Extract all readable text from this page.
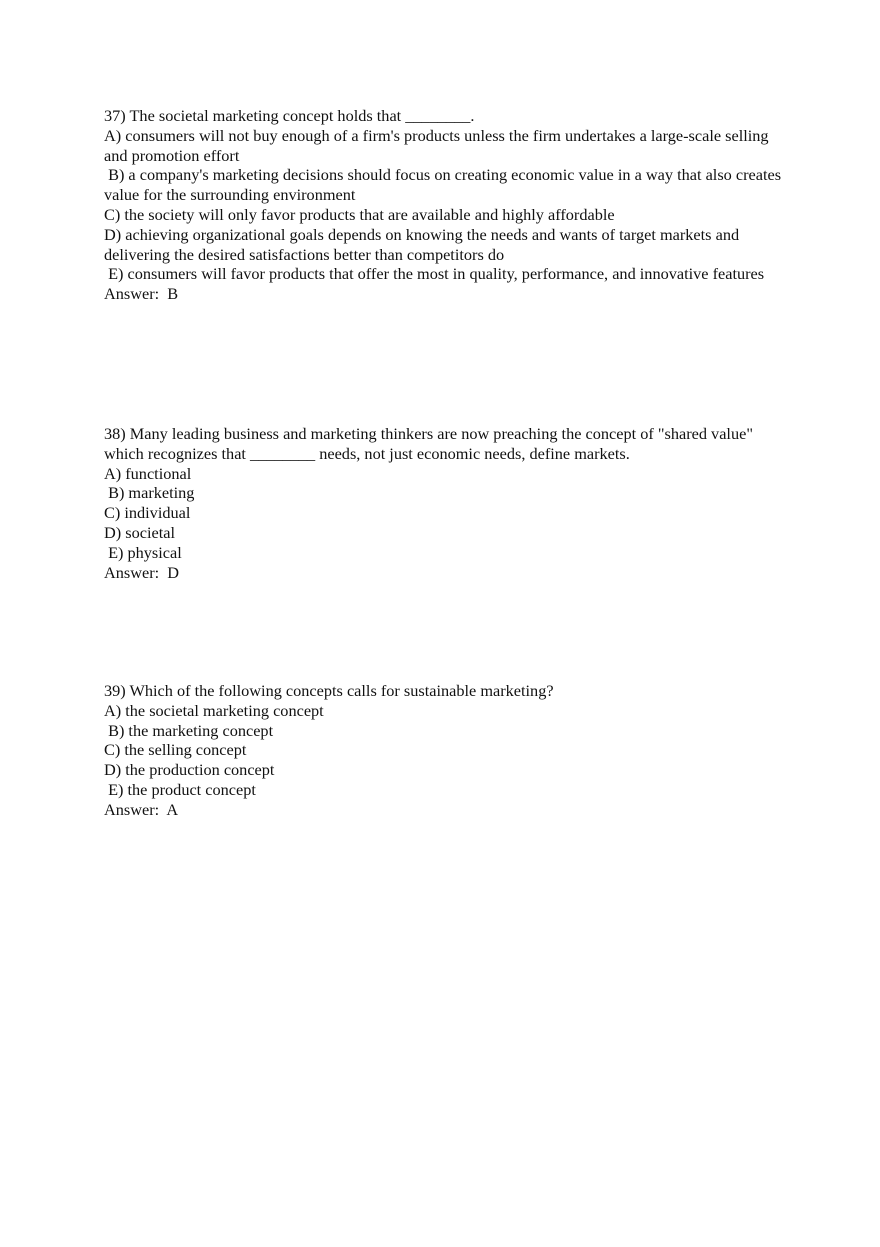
37) The societal marketing concept holds that ________.
A) consumers will not buy enough of a firm's products unless the firm undertakes a large-scale selling and promotion effort
B) a company's marketing decisions should focus on creating economic value in a way that also creates value for the surrounding environment
C) the society will only favor products that are available and highly affordable
D) achieving organizational goals depends on knowing the needs and wants of target markets and delivering the desired satisfactions better than competitors do
E) consumers will favor products that offer the most in quality, performance, and innovative features
Answer:  B
38) Many leading business and marketing thinkers are now preaching the concept of "shared value" which recognizes that ________ needs, not just economic needs, define markets.
A) functional
B) marketing
C) individual
D) societal
E) physical
Answer:  D
39) Which of the following concepts calls for sustainable marketing?
A) the societal marketing concept
B) the marketing concept
C) the selling concept
D) the production concept
E) the product concept
Answer:  A
